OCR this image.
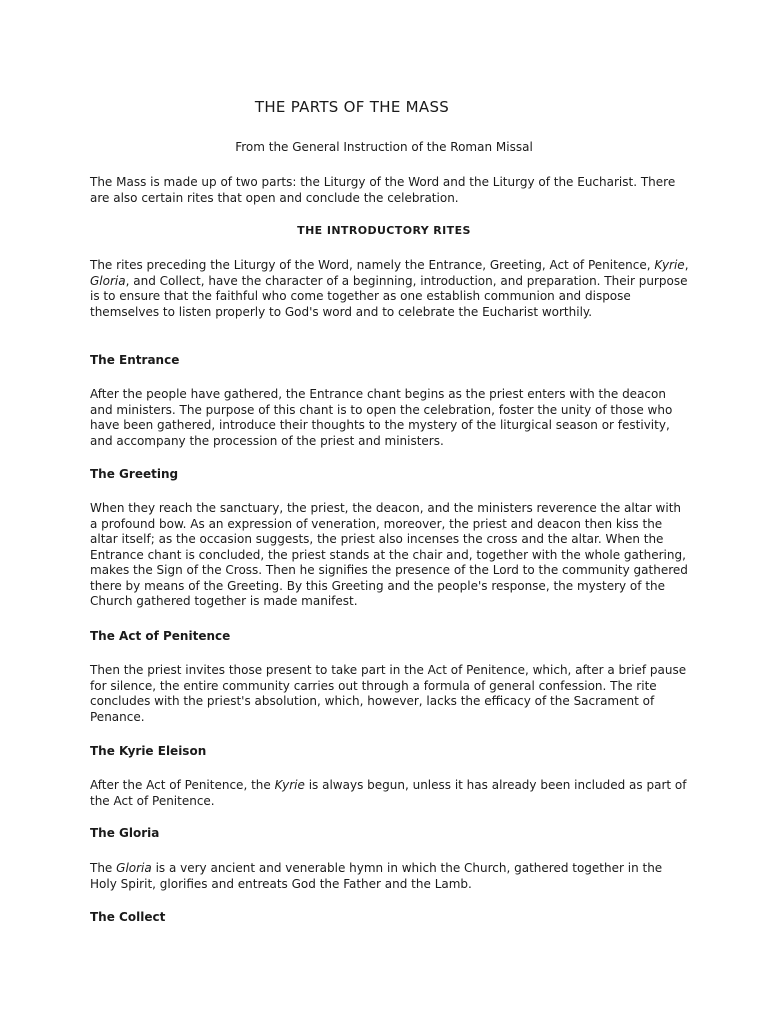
THE PARTS OF THE MASS
From the General Instruction of the Roman Missal

The Mass is made up of two parts: the Liturgy of the Word and the Liturgy of the Eucharist. There are also certain rites that open and conclude the celebration.

THE INTRODUCTORY RITES

The rites preceding the Liturgy of the Word, namely the Entrance, Greeting, Act of Penitence, Kyrie, Gloria, and Collect, have the character of a beginning, introduction, and preparation. Their purpose is to ensure that the faithful who come together as one establish communion and dispose themselves to listen properly to God's word and to celebrate the Eucharist worthily.

The Entrance

After the people have gathered, the Entrance chant begins as the priest enters with the deacon and ministers. The purpose of this chant is to open the celebration, foster the unity of those who have been gathered, introduce their thoughts to the mystery of the liturgical season or festivity, and accompany the procession of the priest and ministers.

The Greeting

When they reach the sanctuary, the priest, the deacon, and the ministers reverence the altar with a profound bow. As an expression of veneration, moreover, the priest and deacon then kiss the altar itself; as the occasion suggests, the priest also incenses the cross and the altar. When the Entrance chant is concluded, the priest stands at the chair and, together with the whole gathering, makes the Sign of the Cross. Then he signifies the presence of the Lord to the community gathered there by means of the Greeting. By this Greeting and the people's response, the mystery of the Church gathered together is made manifest.

The Act of Penitence

Then the priest invites those present to take part in the Act of Penitence, which, after a brief pause for silence, the entire community carries out through a formula of general confession. The rite concludes with the priest's absolution, which, however, lacks the efficacy of the Sacrament of Penance.

The Kyrie Eleison

After the Act of Penitence, the Kyrie is always begun, unless it has already been included as part of the Act of Penitence.

The Gloria

The Gloria is a very ancient and venerable hymn in which the Church, gathered together in the Holy Spirit, glorifies and entreats God the Father and the Lamb.

The Collect
